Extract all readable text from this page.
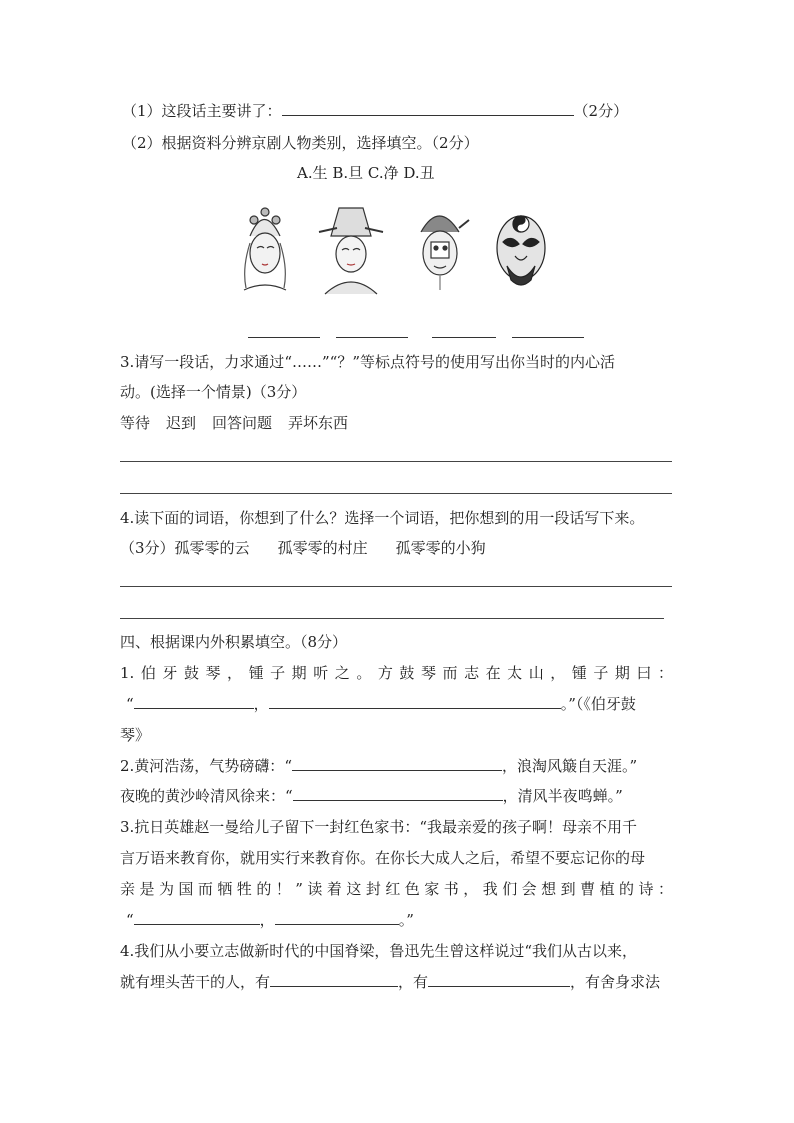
（1）这段话主要讲了：	（2分）
（2）根据资料分辨京剧人物类别，选择填空。（2分）
A.生 B.旦 C.净 D.丑
3.请写一段话，力求通过“……”“？”等标点符号的使用写出你当时的内心活
动。(选择一个情景)（3分）
等待 迟到 回答问题 弄坏东西
4.读下面的词语，你想到了什么？选择一个词语，把你想到的用一段话写下来。
（3分）孤零零的云 孤零零的村庄 孤零零的小狗
四、根据课内外积累填空。（8分）
1.伯牙鼓琴，锺子期听之。方鼓琴而志在太山，锺子期曰：
“	，	。”（《伯牙鼓
琴》
2.黄河浩荡，气势磅礴：“	，浪淘风簸自天涯。”
夜晚的黄沙岭清风徐来：“	，清风半夜鸣蝉。”
3.抗日英雄赵一曼给儿子留下一封红色家书：“我最亲爱的孩子啊！母亲不用千
言万语来教育你，就用实行来教育你。在你长大成人之后，希望不要忘记你的母
亲是为国而牺牲的！”读着这封红色家书，我们会想到曹植的诗：
“	，	。”
4.我们从小要立志做新时代的中国脊梁，鲁迅先生曾这样说过“我们从古以来，
就有埋头苦干的人，有	，有	，有舍身求法
